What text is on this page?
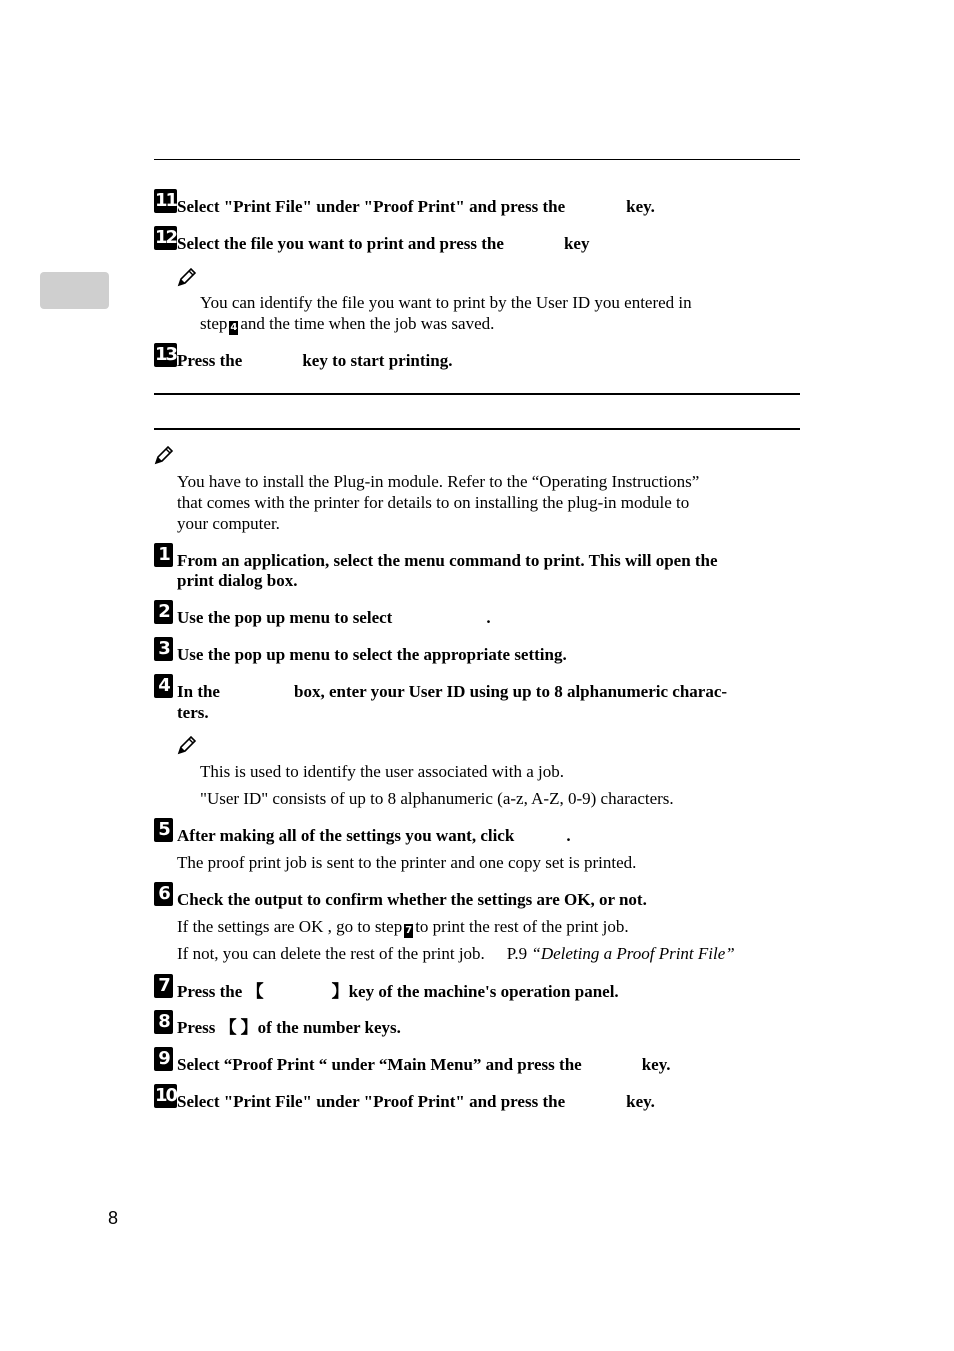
11 Select "Print File" under "Proof Print" and press the	key.
12 Select the file you want to print and press the	key
You can identify the file you want to print by the User ID you entered in
step 4 and the time when the job was saved.
13 Press the	key to start printing.
You have to install the Plug-in module. Refer to the “Operating Instructions”
that comes with the printer for details to on installing the plug-in module to
your computer.
1 From an application, select the menu command to print. This will open the
print dialog box.
2 Use the pop up menu to select	.
3 Use the pop up menu to select the appropriate setting.
4 In the	box, enter your User ID using up to 8 alphanumeric charac-
ters.
This is used to identify the user associated with a job.
"User ID" consists of up to 8 alphanumeric (a-z, A-Z, 0-9) characters.
5 After making all of the settings you want, click	.
The proof print job is sent to the printer and one copy set is printed.
6 Check the output to confirm whether the settings are OK, or not.
If the settings are OK , go to step 7 to print the rest of the print job.
If not, you can delete the rest of the print job. P.9 “Deleting a Proof Print File”
7 Press the 【	】key of the machine's operation panel.
8 Press 【 】of the number keys.
9 Select “Proof Print “ under “Main Menu” and press the	key.
10 Select "Print File" under "Proof Print" and press the	key.
8
